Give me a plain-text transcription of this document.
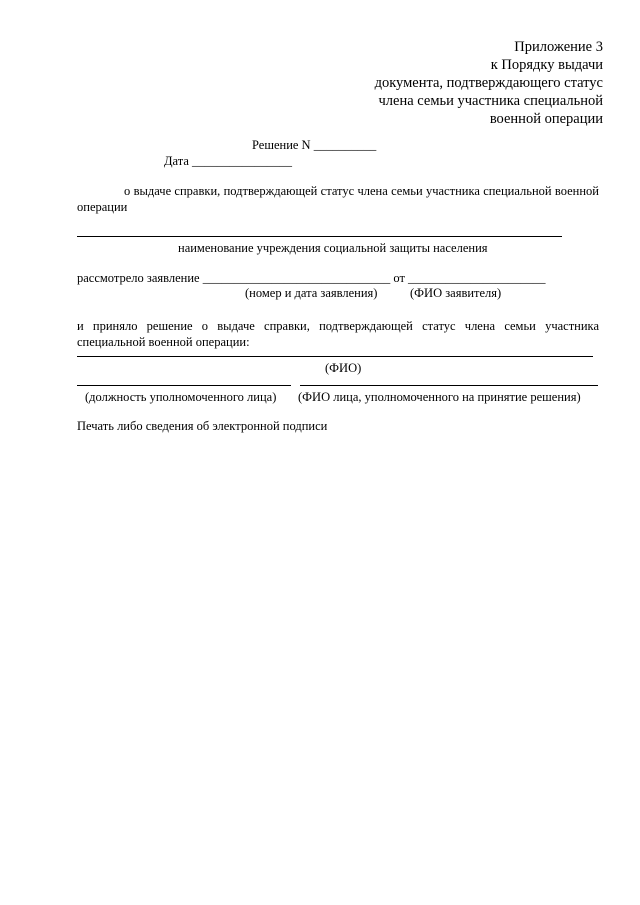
Приложение 3
к Порядку выдачи
документа, подтверждающего статус
члена семьи участника специальной
военной операции
Решение N __________
Дата ________________
о выдаче справки, подтверждающей статус члена семьи участника специальной военной операции
наименование учреждения социальной защиты населения
рассмотрело заявление ______________________________ от ______________________
(номер и дата заявления)	(ФИО заявителя)
и приняло решение о выдаче справки, подтверждающей статус члена семьи участника специальной военной операции:
(ФИО)
(должность уполномоченного лица) (ФИО лица, уполномоченного на принятие решения)
Печать либо сведения об электронной подписи
